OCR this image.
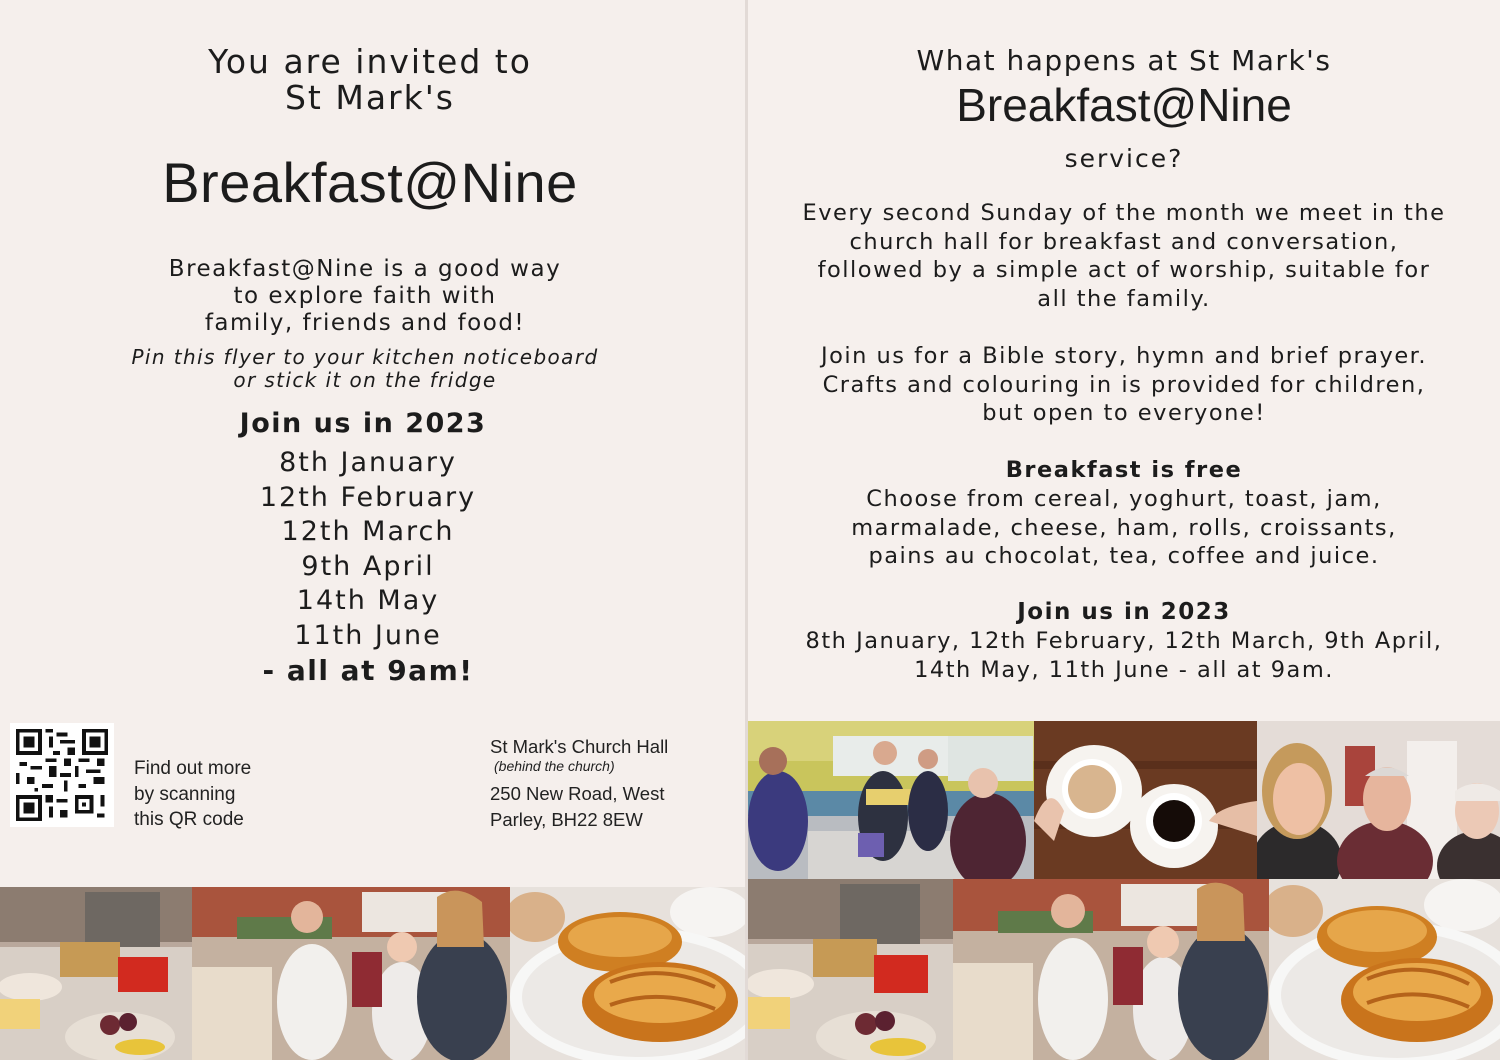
You are invited to
St Mark's
Breakfast@Nine
Breakfast@Nine is a good way
to explore faith with
family, friends and food!
Pin this flyer to your kitchen noticeboard
or stick it on the fridge
Join us in 2023
8th January
12th February
12th March
9th April
14th May
11th June
- all at 9am!
Find out more
by scanning
this QR code
St Mark's Church Hall
(behind the church)
250 New Road, West
Parley, BH22 8EW
What happens at St Mark's
Breakfast@Nine
service?
Every second Sunday of the month we meet in the
church hall for breakfast and conversation,
followed by a simple act of worship, suitable for
all the family.
Join us for a Bible story, hymn and brief prayer.
Crafts and colouring in is provided for children,
but open to everyone!
Breakfast is free
Choose from cereal, yoghurt, toast, jam,
marmalade, cheese, ham, rolls, croissants,
pains au chocolat, tea, coffee and juice.
Join us in 2023
8th January, 12th February, 12th March, 9th April,
14th May, 11th June - all at 9am.
